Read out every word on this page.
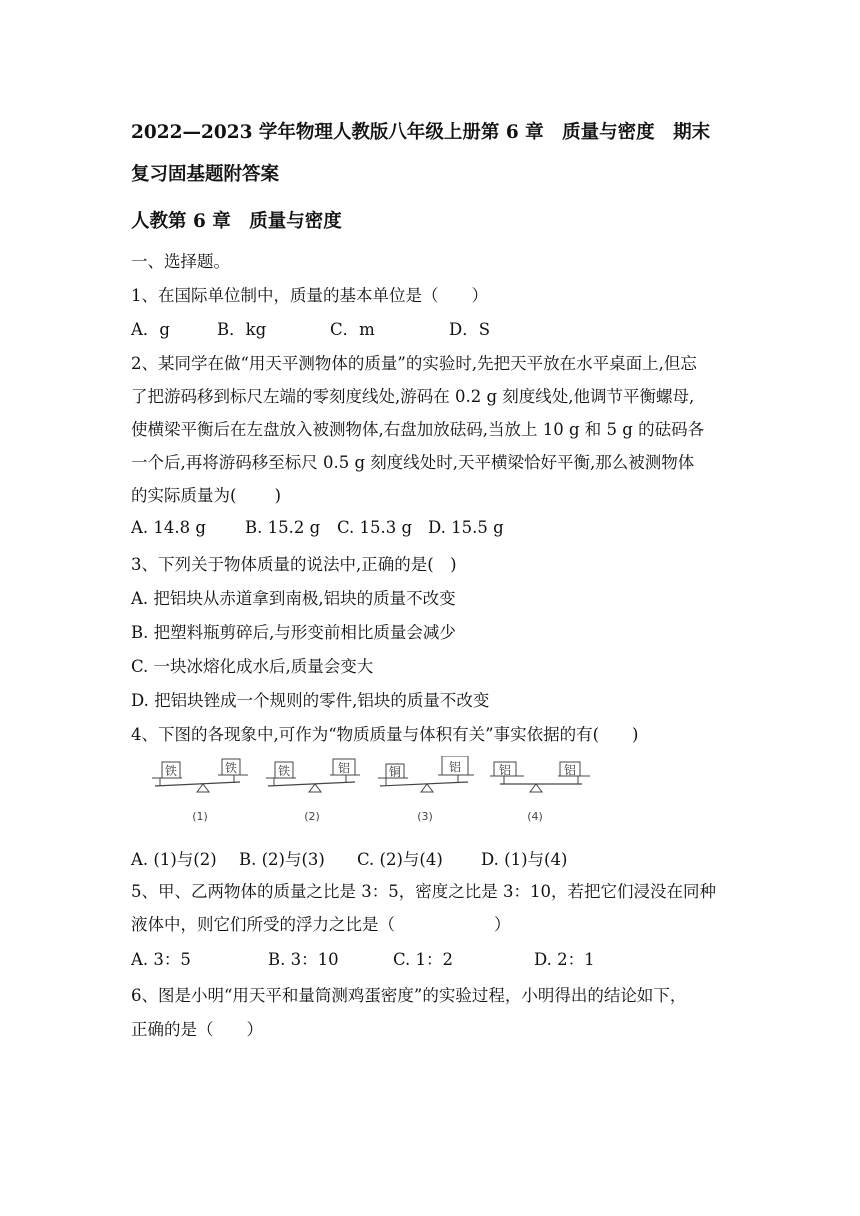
2022—2023 学年物理人教版八年级上册第 6 章　质量与密度　期末
复习固基题附答案
人教第 6 章　质量与密度
一、选择题。
1、在国际单位制中，质量的基本单位是（　　）
A．g	B．kg	C．m	D．S
2、某同学在做“用天平测物体的质量”的实验时,先把天平放在水平桌面上,但忘
了把游码移到标尺左端的零刻度线处,游码在 0.2 g 刻度线处,他调节平衡螺母,
使横梁平衡后在左盘放入被测物体,右盘加放砝码,当放上 10 g 和 5 g 的砝码各
一个后,再将游码移至标尺 0.5 g 刻度线处时,天平横梁恰好平衡,那么被测物体
的实际质量为(　　 )
A. 14.8 g B. 15.2 g C. 15.3 g D. 15.5 g
3、下列关于物体质量的说法中,正确的是(　)
A. 把铝块从赤道拿到南极,铝块的质量不改变
B. 把塑料瓶剪碎后,与形变前相比质量会减少
C. 一块冰熔化成水后,质量会变大
D. 把铝块锉成一个规则的零件,铝块的质量不改变
4、下图的各现象中,可作为“物质质量与体积有关”事实依据的有(　　)
铁	铁
(1)
铁	铝
(2)
铜	铝
(3)
铝	铝
(4)
A. (1)与(2) B. (2)与(3) C. (2)与(4) D. (1)与(4)
5、甲、乙两物体的质量之比是 3：5，密度之比是 3：10，若把它们浸没在同种
液体中，则它们所受的浮力之比是（　　　　　　）
A. 3：5	B. 3：10	C. 1：2	D. 2：1
6、图是小明“用天平和量筒测鸡蛋密度”的实验过程，小明得出的结论如下，
正确的是（　　）
